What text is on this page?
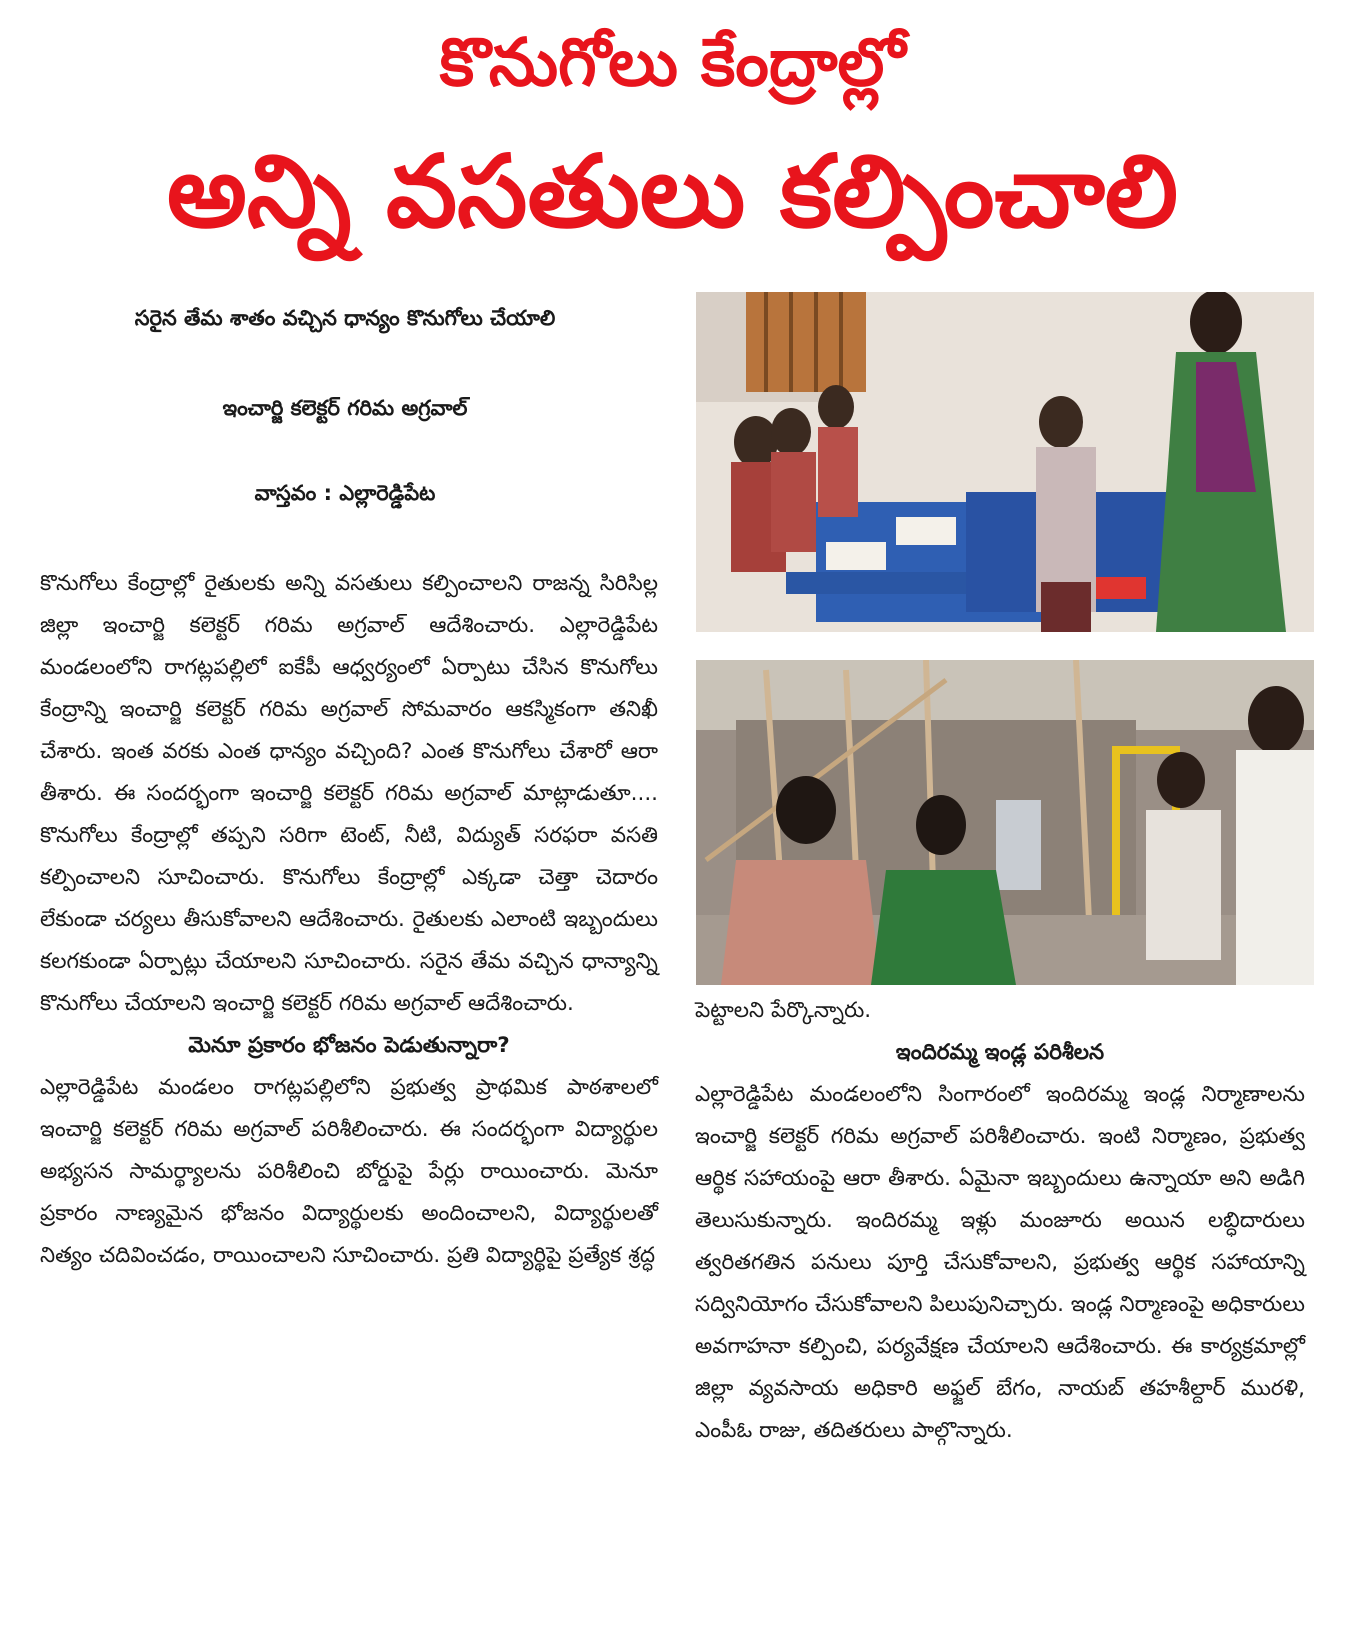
కొనుగోలు కేంద్రాల్లో
అన్ని వసతులు కల్పించాలి
సరైన తేమ శాతం వచ్చిన ధాన్యం కొనుగోలు చేయాలి
ఇంచార్జి కలెక్టర్ గరిమ అగ్రవాల్
వాస్తవం : ఎల్లారెడ్డిపేట

కొనుగోలు కేంద్రాల్లో రైతులకు అన్ని వసతులు కల్పించాలని రాజన్న సిరిసిల్ల జిల్లా ఇంచార్జి కలెక్టర్ గరిమ అగ్రవాల్ ఆదేశించారు. ఎల్లారెడ్డిపేట మండలంలోని రాగట్లపల్లిలో ఐకేపీ ఆధ్వర్యంలో ఏర్పాటు చేసిన కొనుగోలు కేంద్రాన్ని ఇంచార్జి కలెక్టర్ గరిమ అగ్రవాల్ సోమవారం ఆకస్మికంగా తనిఖీ చేశారు. ఇంత వరకు ఎంత ధాన్యం వచ్చింది? ఎంత కొనుగోలు చేశారో ఆరా తీశారు. ఈ సందర్భంగా ఇంచార్జి కలెక్టర్ గరిమ అగ్రవాల్ మాట్లాడుతూ.... కొనుగోలు కేంద్రాల్లో తప్పని సరిగా టెంట్, నీటి, విద్యుత్ సరఫరా వసతి కల్పించాలని సూచించారు. కొనుగోలు కేంద్రాల్లో ఎక్కడా చెత్తా చెదారం లేకుండా చర్యలు తీసుకోవాలని ఆదేశించారు. రైతులకు ఎలాంటి ఇబ్బందులు కలగకుండా ఏర్పాట్లు చేయాలని సూచించారు. సరైన తేమ వచ్చిన ధాన్యాన్ని కొనుగోలు చేయాలని ఇంచార్జి కలెక్టర్ గరిమ అగ్రవాల్ ఆదేశించారు.

మెనూ ప్రకారం భోజనం పెడుతున్నారా?

ఎల్లారెడ్డిపేట మండలం రాగట్లపల్లిలోని ప్రభుత్వ ప్రాథమిక పాఠశాలలో ఇంచార్జి కలెక్టర్ గరిమ అగ్రవాల్ పరిశీలించారు. ఈ సందర్భంగా విద్యార్థుల అభ్యసన సామర్థ్యాలను పరిశీలించి బోర్డుపై పేర్లు రాయించారు. మెనూ ప్రకారం నాణ్యమైన భోజనం విద్యార్థులకు అందించాలని, విద్యార్థులతో నిత్యం చదివించడం, రాయించాలని సూచించారు. ప్రతి విద్యార్థిపై ప్రత్యేక శ్రద్ధ

పెట్టాలని పేర్కొన్నారు.

ఇందిరమ్మ ఇండ్ల పరిశీలన

ఎల్లారెడ్డిపేట మండలంలోని సింగారంలో ఇందిరమ్మ ఇండ్ల నిర్మాణాలను ఇంచార్జి కలెక్టర్ గరిమ అగ్రవాల్ పరిశీలించారు. ఇంటి నిర్మాణం, ప్రభుత్వ ఆర్థిక సహాయంపై ఆరా తీశారు. ఏమైనా ఇబ్బందులు ఉన్నాయా అని అడిగి తెలుసుకున్నారు. ఇందిరమ్మ ఇళ్లు మంజూరు అయిన లబ్ధిదారులు త్వరితగతిన పనులు పూర్తి చేసుకోవాలని, ప్రభుత్వ ఆర్థిక సహాయాన్ని సద్వినియోగం చేసుకోవాలని పిలుపునిచ్చారు. ఇండ్ల నిర్మాణంపై అధికారులు అవగాహనా కల్పించి, పర్యవేక్షణ చేయాలని ఆదేశించారు. ఈ కార్యక్రమాల్లో జిల్లా వ్యవసాయ అధికారి అఫ్జల్ బేగం, నాయబ్ తహశీల్దార్ మురళి, ఎంపీఓ రాజు, తదితరులు పాల్గొన్నారు.
